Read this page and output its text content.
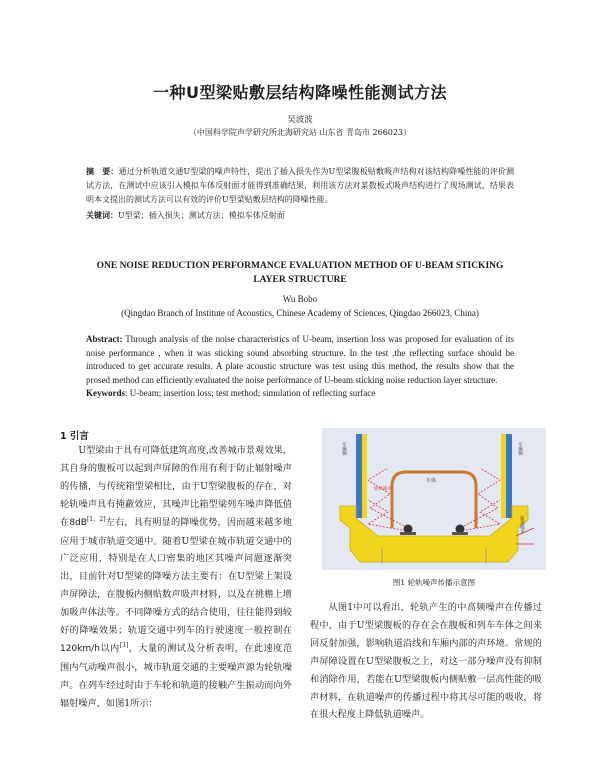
一种U型梁贴敷层结构降噪性能测试方法
吴波波
（中国科学院声学研究所北海研究站 山东省 青岛市 266023）
摘　要：通过分析轨道交通U型梁的噪声特性，提出了插入损失作为U型梁腹板贴敷吸声结构对该结构降噪性能的评价测试方法，在测试中应该引入模拟车体反射面才能得到准确结果，利用该方法对某数板式吸声结构进行了现场测试，结果表明本文提出的测试方法可以有效的评价U型梁贴敷层结构的降噪性能。
关键词：U型梁；插入损失；测试方法；模拟车体反射面
ONE NOISE REDUCTION PERFORMANCE EVALUATION METHOD OF U-BEAM STICKING LAYER STRUCTURE
Wu Bobo
(Qingdao Branch of Institute of Acoustics, Chinese Academy of Sciences, Qingdao 266023, China)
Abstract: Through analysis of the noise characteristics of U-beam, insertion loss was proposed for evaluation of its noise performance , when it was sticking sound absorbing structure. In the test ,the reflecting surface should be introduced to get accurate results. A plate acoustic structure was test using this method, the results show that the prosed method can efficiently evaluated the noise performance of U-beam sticking noise reduction layer structure.
Keywords: U-beam; insertion loss; test method; simulation of reflecting surface
1 引言

U型梁由于具有可降低建筑高度,改善城市景观效果，其自身的腹板可以起到声屏障的作用有利于防止辐射噪声的传播，与传统箱型梁相比，由于U型梁腹板的存在，对轮轨噪声具有掩蔽效应，其噪声比箱型梁列车噪声降低值在8dB[1、2]左右，具有明显的降噪优势，因而越来越多地应用于城市轨道交通中。随着U型梁在城市轨道交通中的广泛应用，特别是在人口密集的地区其噪声问题逐渐突出，目前针对U型梁的降噪方法主要有：在U型梁上架设声屏障法，在腹板内侧贴数声吸声材料，以及在挑檐上增加吸声体法等。不同降噪方式的结合使用，往往能得到较好的降噪效果；轨道交通中列车的行驶速度一般控制在120km/h以内[3]，大量的测试及分析表明，在此速度范围内气动噪声很小，城市轨道交通的主要噪声源为轮轨噪声。在列车经过时由于车轮和轨道的接触产生振动而向外辐射噪声，如图1所示：

车体
轮轨噪声
车辆侧	车辆侧
轨道噪声
图1 轮轨噪声传播示意图

从图1中可以看出，轮轨产生的中高频噪声在传播过程中，由于U型梁腹板的存在会在腹板和列车车体之间来回反射加强，影响轨道沿线和车厢内部的声环境。常规的声屏障设置在U型梁腹板之上，对这一部分噪声没有抑制和消除作用，若能在U型梁腹板内侧贴敷一层高性能的吸声材料，在轨道噪声的传播过程中将其尽可能的吸收，将在很大程度上降低轨道噪声。
